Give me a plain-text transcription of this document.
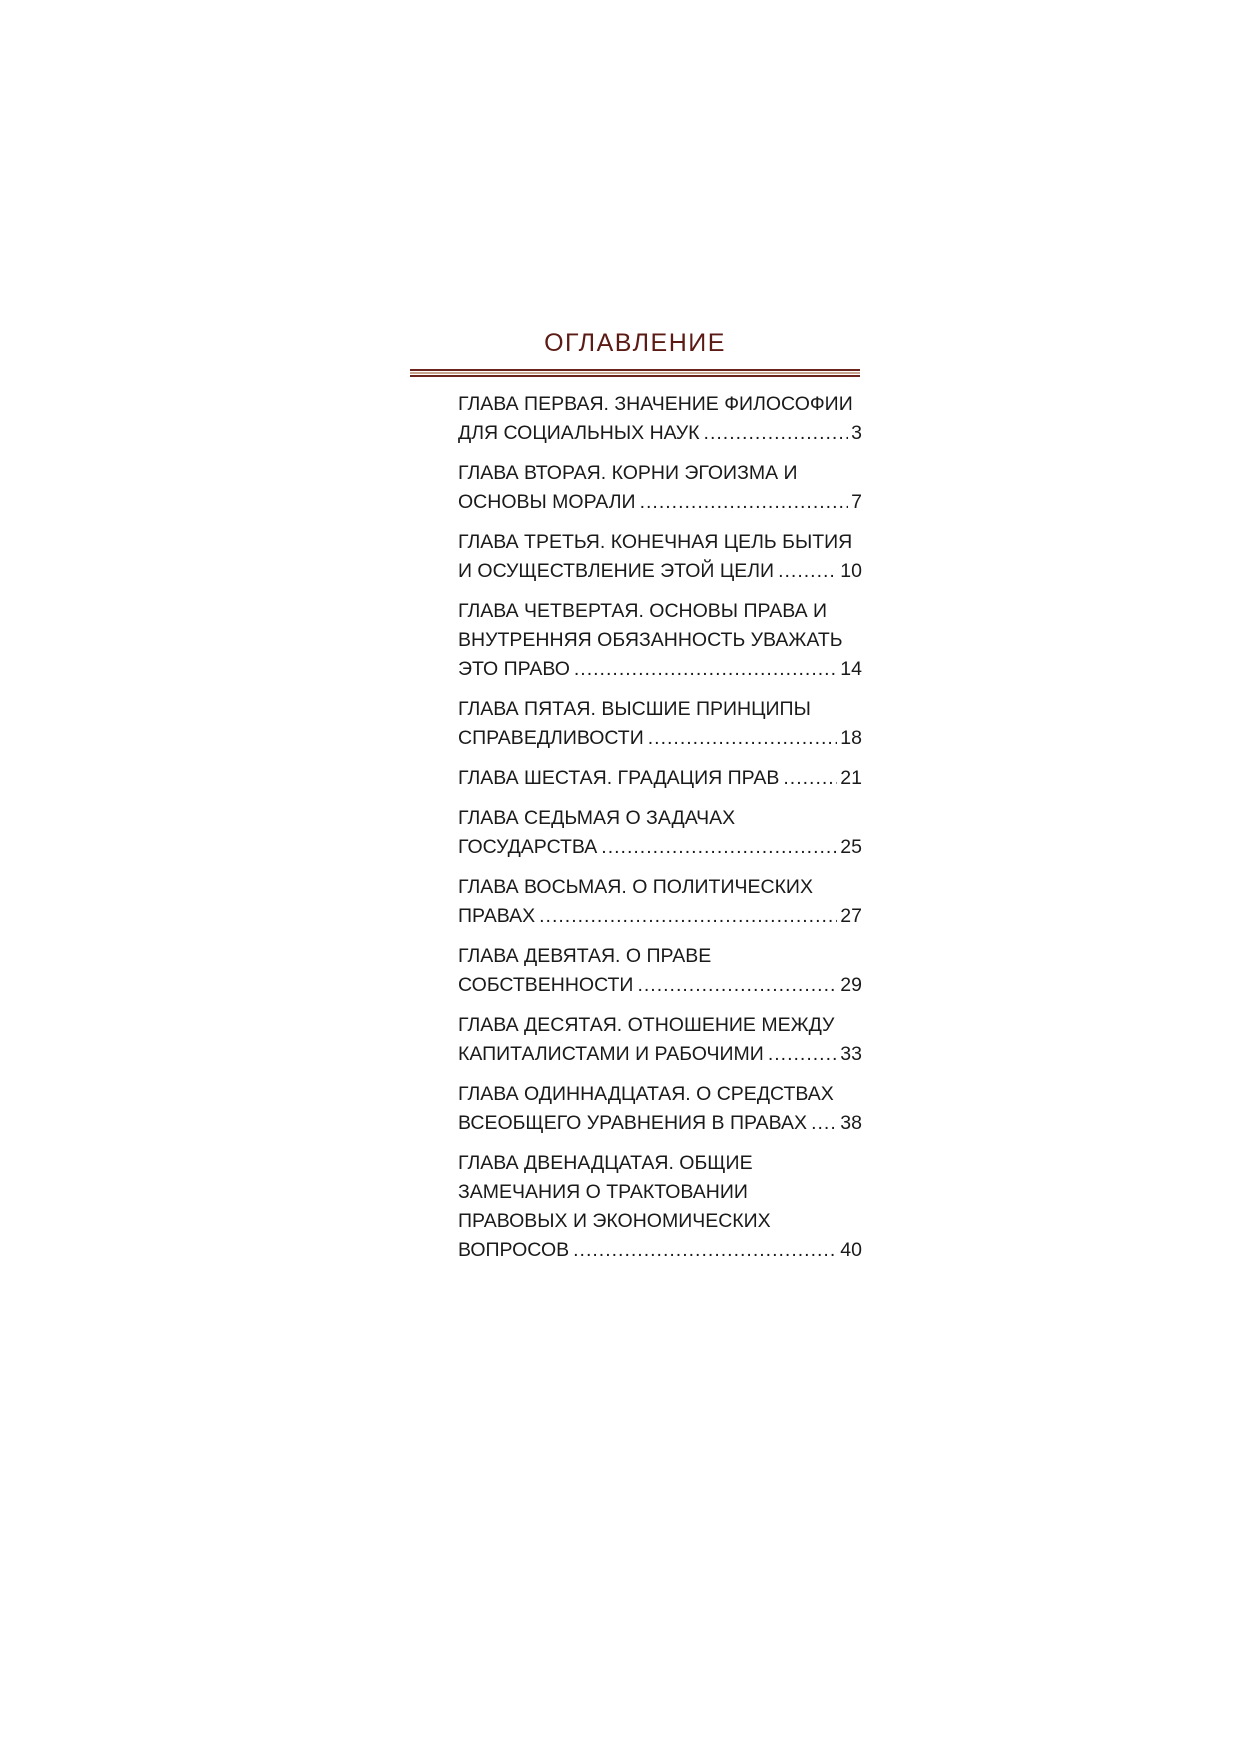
ОГЛАВЛЕНИЕ
ГЛАВА ПЕРВАЯ. ЗНАЧЕНИЕ ФИЛОСОФИИ
ДЛЯ СОЦИАЛЬНЫХ НАУК .....	3
ГЛАВА ВТОРАЯ. КОРНИ ЭГОИЗМА И
ОСНОВЫ МОРАЛИ .....	7
ГЛАВА ТРЕТЬЯ. КОНЕЧНАЯ ЦЕЛЬ БЫТИЯ
И ОСУЩЕСТВЛЕНИЕ ЭТОЙ ЦЕЛИ .....	10
ГЛАВА ЧЕТВЕРТАЯ. ОСНОВЫ ПРАВА И
ВНУТРЕННЯЯ ОБЯЗАННОСТЬ УВАЖАТЬ
ЭТО ПРАВО .....	14
ГЛАВА ПЯТАЯ. ВЫСШИЕ ПРИНЦИПЫ
СПРАВЕДЛИВОСТИ .....	18
ГЛАВА ШЕСТАЯ. ГРАДАЦИЯ ПРАВ .....	21
ГЛАВА СЕДЬМАЯ О ЗАДАЧАХ
ГОСУДАРСТВА .....	25
ГЛАВА ВОСЬМАЯ. О ПОЛИТИЧЕСКИХ
ПРАВАХ .....	27
ГЛАВА ДЕВЯТАЯ. О ПРАВЕ
СОБСТВЕННОСТИ .....	29
ГЛАВА ДЕСЯТАЯ. ОТНОШЕНИЕ МЕЖДУ
КАПИТАЛИСТАМИ И РАБОЧИМИ .....	33
ГЛАВА ОДИННАДЦАТАЯ. О СРЕДСТВАХ
ВСЕОБЩЕГО УРАВНЕНИЯ В ПРАВАХ ..... 38
ГЛАВА ДВЕНАДЦАТАЯ. ОБЩИЕ
ЗАМЕЧАНИЯ О ТРАКТОВАНИИ
ПРАВОВЫХ И ЭКОНОМИЧЕСКИХ
ВОПРОСОВ .....	40
